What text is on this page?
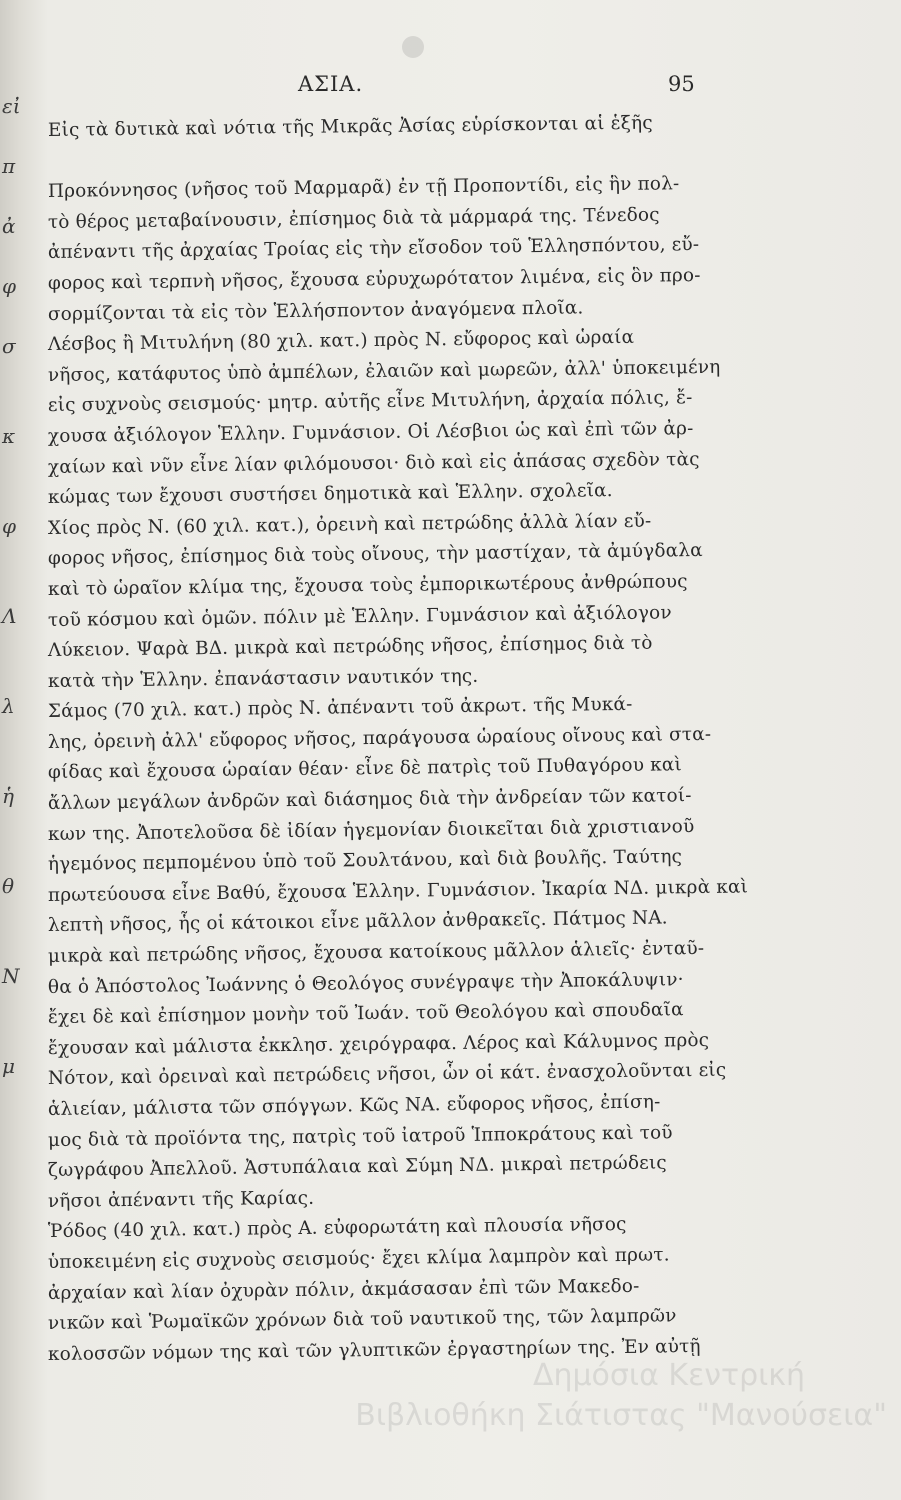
εἰ
π
ἀ
φ
σ
κ
φ
Λ
λ
ἡ
θ
Ν
μ
ΑΣΙΑ.	95
Εἰς τὰ δυτικὰ καὶ νότια τῆς Μικρᾶς Ἀσίας εὑρίσκονται αἱ ἑξῆς
Προκόννησος (νῆσος τοῦ Μαρμαρᾶ) ἐν τῇ Προποντίδι, εἰς ἣν πολ-
τὸ θέρος μεταβαίνουσιν, ἐπίσημος διὰ τὰ μάρμαρά της. Τένεδος
ἀπέναντι τῆς ἀρχαίας Τροίας εἰς τὴν εἴσοδον τοῦ Ἑλλησπόντου, εὔ-
φορος καὶ τερπνὴ νῆσος, ἔχουσα εὐρυχωρότατον λιμένα, εἰς ὃν προ-
σορμίζονται τὰ εἰς τὸν Ἑλλήσποντον ἀναγόμενα πλοῖα.
Λέσβος ἢ Μιτυλήνη (80 χιλ. κατ.) πρὸς Ν. εὔφορος καὶ ὡραία
νῆσος, κατάφυτος ὑπὸ ἀμπέλων, ἐλαιῶν καὶ μωρεῶν, ἀλλ' ὑποκειμένη
εἰς συχνοὺς σεισμούς· μητρ. αὐτῆς εἶνε Μιτυλήνη, ἀρχαία πόλις, ἔ-
χουσα ἀξιόλογον Ἑλλην. Γυμνάσιον. Οἱ Λέσβιοι ὡς καὶ ἐπὶ τῶν ἀρ-
χαίων καὶ νῦν εἶνε λίαν φιλόμουσοι· διὸ καὶ εἰς ἁπάσας σχεδὸν τὰς
κώμας των ἔχουσι συστήσει δημοτικὰ καὶ Ἑλλην. σχολεῖα.
Χίος πρὸς Ν. (60 χιλ. κατ.), ὀρεινὴ καὶ πετρώδης ἀλλὰ λίαν εὔ-
φορος νῆσος, ἐπίσημος διὰ τοὺς οἴνους, τὴν μαστίχαν, τὰ ἀμύγδαλα
καὶ τὸ ὡραῖον κλίμα της, ἔχουσα τοὺς ἐμπορικωτέρους ἀνθρώπους
τοῦ κόσμου καὶ ὁμῶν. πόλιν μὲ Ἑλλην. Γυμνάσιον καὶ ἀξιόλογον
Λύκειον. Ψαρὰ ΒΔ. μικρὰ καὶ πετρώδης νῆσος, ἐπίσημος διὰ τὸ
κατὰ τὴν Ἑλλην. ἐπανάστασιν ναυτικόν της.
Σάμος (70 χιλ. κατ.) πρὸς Ν. ἀπέναντι τοῦ ἀκρωτ. τῆς Μυκά-
λης, ὀρεινὴ ἀλλ' εὔφορος νῆσος, παράγουσα ὡραίους οἴνους καὶ στα-
φίδας καὶ ἔχουσα ὡραίαν θέαν· εἶνε δὲ πατρὶς τοῦ Πυθαγόρου καὶ
ἄλλων μεγάλων ἀνδρῶν καὶ διάσημος διὰ τὴν ἀνδρείαν τῶν κατοί-
κων της. Ἀποτελοῦσα δὲ ἰδίαν ἡγεμονίαν διοικεῖται διὰ χριστιανοῦ
ἡγεμόνος πεμπομένου ὑπὸ τοῦ Σουλτάνου, καὶ διὰ βουλῆς. Ταύτης
πρωτεύουσα εἶνε Βαθύ, ἔχουσα Ἑλλην. Γυμνάσιον. Ἰκαρία ΝΔ. μικρὰ καὶ
λεπτὴ νῆσος, ἧς οἱ κάτοικοι εἶνε μᾶλλον ἀνθρακεῖς. Πάτμος ΝΑ.
μικρὰ καὶ πετρώδης νῆσος, ἔχουσα κατοίκους μᾶλλον ἁλιεῖς· ἐνταῦ-
θα ὁ Ἀπόστολος Ἰωάννης ὁ Θεολόγος συνέγραψε τὴν Ἀποκάλυψιν·
ἔχει δὲ καὶ ἐπίσημον μονὴν τοῦ Ἰωάν. τοῦ Θεολόγου καὶ σπουδαῖα
ἔχουσαν καὶ μάλιστα ἐκκλησ. χειρόγραφα. Λέρος καὶ Κάλυμνος πρὸς
Νότον, καὶ ὀρειναὶ καὶ πετρώδεις νῆσοι, ὧν οἱ κάτ. ἐνασχολοῦνται εἰς
ἁλιείαν, μάλιστα τῶν σπόγγων. Κῶς ΝΑ. εὔφορος νῆσος, ἐπίση-
μος διὰ τὰ προϊόντα της, πατρὶς τοῦ ἰατροῦ Ἱπποκράτους καὶ τοῦ
ζωγράφου Ἀπελλοῦ. Ἀστυπάλαια καὶ Σύμη ΝΔ. μικραὶ πετρώδεις
νῆσοι ἀπέναντι τῆς Καρίας.
Ῥόδος (40 χιλ. κατ.) πρὸς Α. εὐφορωτάτη καὶ πλουσία νῆσος
ὑποκειμένη εἰς συχνοὺς σεισμούς· ἔχει κλίμα λαμπρὸν καὶ πρωτ.
ἀρχαίαν καὶ λίαν ὀχυρὰν πόλιν, ἀκμάσασαν ἐπὶ τῶν Μακεδο-
νικῶν καὶ Ῥωμαϊκῶν χρόνων διὰ τοῦ ναυτικοῦ της, τῶν λαμπρῶν
κολοσσῶν νόμων της καὶ τῶν γλυπτικῶν ἐργαστηρίων της. Ἐν αὐτῇ
Δημόσια Κεντρική
Βιβλιοθήκη Σιάτιστας "Μανούσεια"
